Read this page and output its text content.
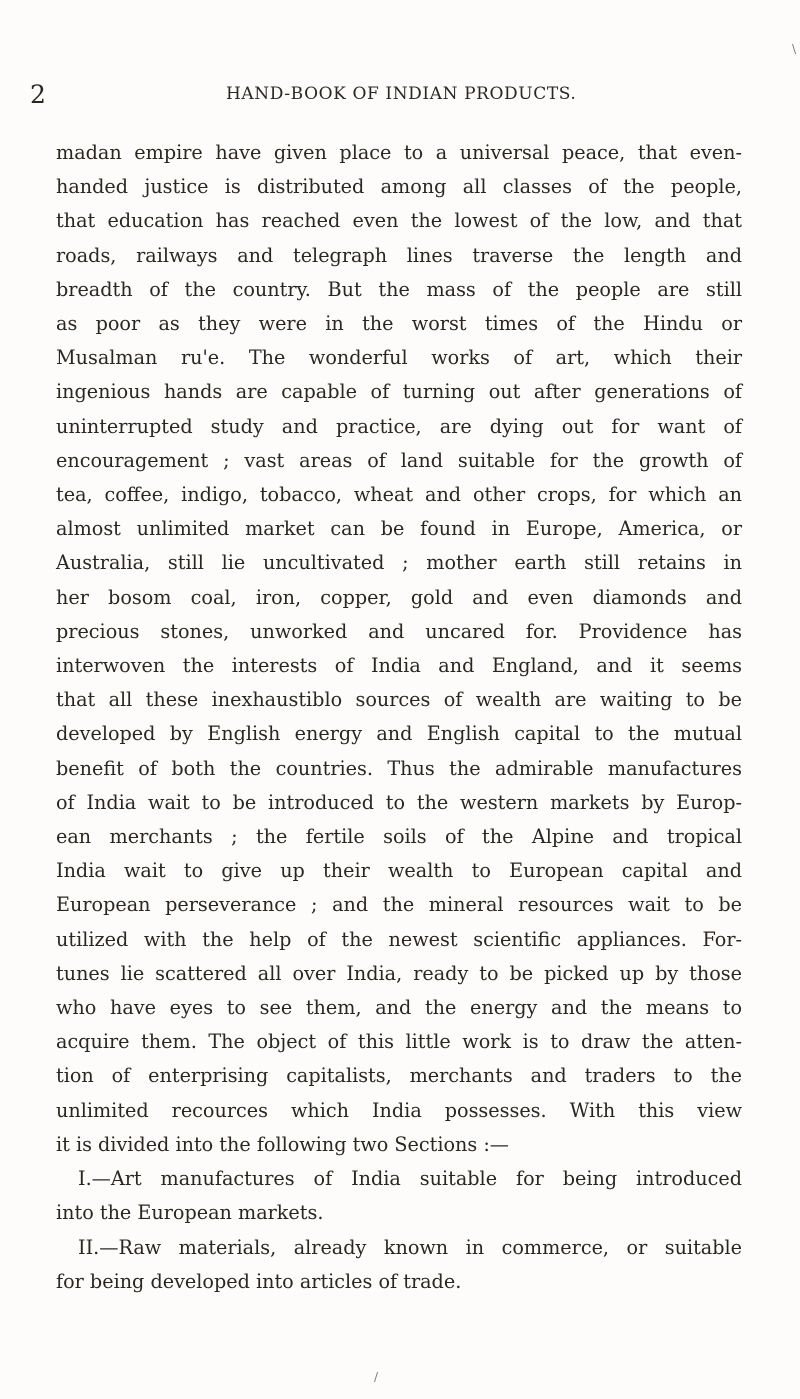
\
2	HAND-BOOK OF INDIAN PRODUCTS.
madan empire have given place to a universal peace, that even-
handed justice is distributed among all classes of the people,
that education has reached even the lowest of the low, and that
roads, railways and telegraph lines traverse the length and
breadth of the country. But the mass of the people are still
as poor as they were in the worst times of the Hindu or
Musalman ru'e. The wonderful works of art, which their
ingenious hands are capable of turning out after generations of
uninterrupted study and practice, are dying out for want of
encouragement ; vast areas of land suitable for the growth of
tea, coffee, indigo, tobacco, wheat and other crops, for which an
almost unlimited market can be found in Europe, America, or
Australia, still lie uncultivated ; mother earth still retains in
her bosom coal, iron, copper, gold and even diamonds and
precious stones, unworked and uncared for. Providence has
interwoven the interests of India and England, and it seems
that all these inexhaustiblo sources of wealth are waiting to be
developed by English energy and English capital to the mutual
benefit of both the countries. Thus the admirable manufactures
of India wait to be introduced to the western markets by Europ-
ean merchants ; the fertile soils of the Alpine and tropical
India wait to give up their wealth to European capital and
European perseverance ; and the mineral resources wait to be
utilized with the help of the newest scientific appliances. For-
tunes lie scattered all over India, ready to be picked up by those
who have eyes to see them, and the energy and the means to
acquire them. The object of this little work is to draw the atten-
tion of enterprising capitalists, merchants and traders to the
unlimited recources which India possesses. With this view
it is divided into the following two Sections :—
I.—Art manufactures of India suitable for being introduced
into the European markets.
II.—Raw materials, already known in commerce, or suitable
for being developed into articles of trade.
/
